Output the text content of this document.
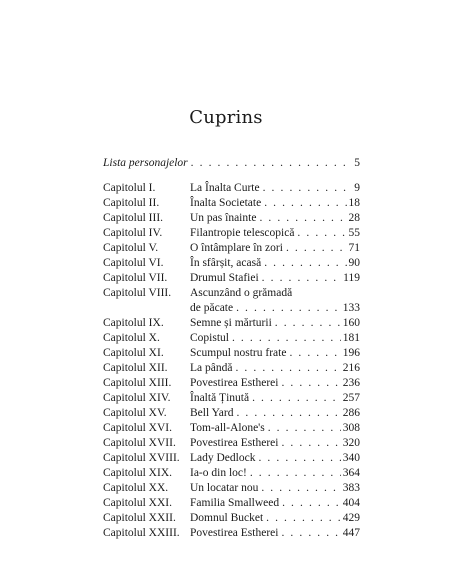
Cuprins
Lista personajelor . . .	5
Capitolul I.	La Înalta Curte . . .	9
Capitolul II.	Înalta Societate . . .	18
Capitolul III.	Un pas înainte . . .	28
Capitolul IV.	Filantropie telescopică . . .	55
Capitolul V.	O întâmplare în zori . . .	71
Capitolul VI.	În sfârșit, acasă . . .	90
Capitolul VII.	Drumul Stafiei . . .	119
Capitolul VIII.	Ascunzând o grămadă
de păcate . . .	133
Capitolul IX.	Semne și mărturii . . .	160
Capitolul X.	Copistul . . .	181
Capitolul XI.	Scumpul nostru frate . . .	196
Capitolul XII.	La pândă . . .	216
Capitolul XIII.	Povestirea Estherei . . .	236
Capitolul XIV.	Înaltă Ținută . . .	257
Capitolul XV.	Bell Yard . . .	286
Capitolul XVI.	Tom-all-Alone's . . .	308
Capitolul XVII.	Povestirea Estherei . . .	320
Capitolul XVIII. Lady Dedlock . . .	340
Capitolul XIX.	Ia-o din loc! . . .	364
Capitolul XX.	Un locatar nou . . .	383
Capitolul XXI.	Familia Smallweed . . .	404
Capitolul XXII.	Domnul Bucket . . .	429
Capitolul XXIII. Povestirea Estherei . . .	447
